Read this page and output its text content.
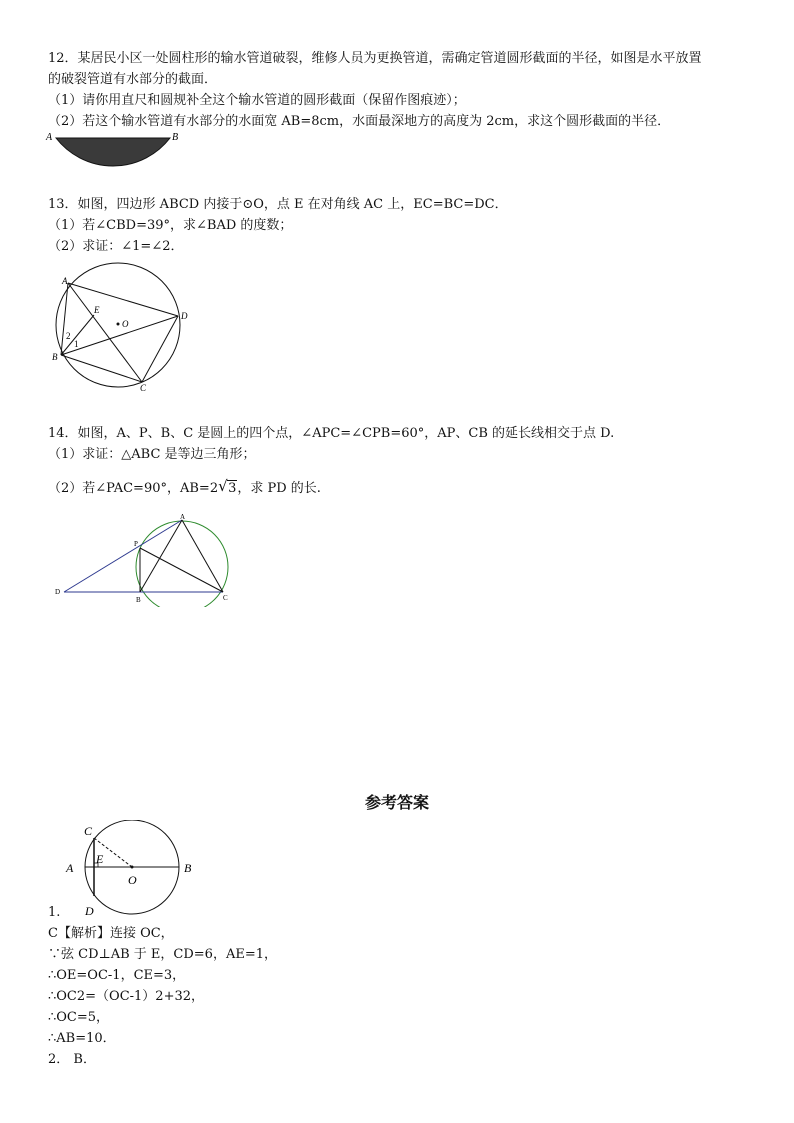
12．某居民小区一处圆柱形的输水管道破裂，维修人员为更换管道，需确定管道圆形截面的半径，如图是水平放置
的破裂管道有水部分的截面．
（1）请你用直尺和圆规补全这个输水管道的圆形截面（保留作图痕迹）；
（2）若这个输水管道有水部分的水面宽 AB=8cm，水面最深地方的高度为 2cm，求这个圆形截面的半径．
A	B
13．如图，四边形 ABCD 内接于⊙O，点 E 在对角线 AC 上，EC=BC=DC．
（1）若∠CBD=39°，求∠BAD 的度数；
（2）求证：∠1=∠2．
A
B
C
D
E
O
1
2
14．如图，A、P、B、C 是圆上的四个点，∠APC=∠CPB=60°，AP、CB 的延长线相交于点 D.
（1）求证：△ABC 是等边三角形；
（2）若∠PAC=90°，AB=2 √ 3，求 PD 的长.
A
P
B	C
D
参考答案
C
E
A
O
B
D
1.
C【解析】连接 OC，
∵弦 CD⊥AB 于 E，CD=6，AE=1，
∴OE=OC-1，CE=3，
∴OC2=（OC-1）2+32，
∴OC=5，
∴AB=10．
2． B．
